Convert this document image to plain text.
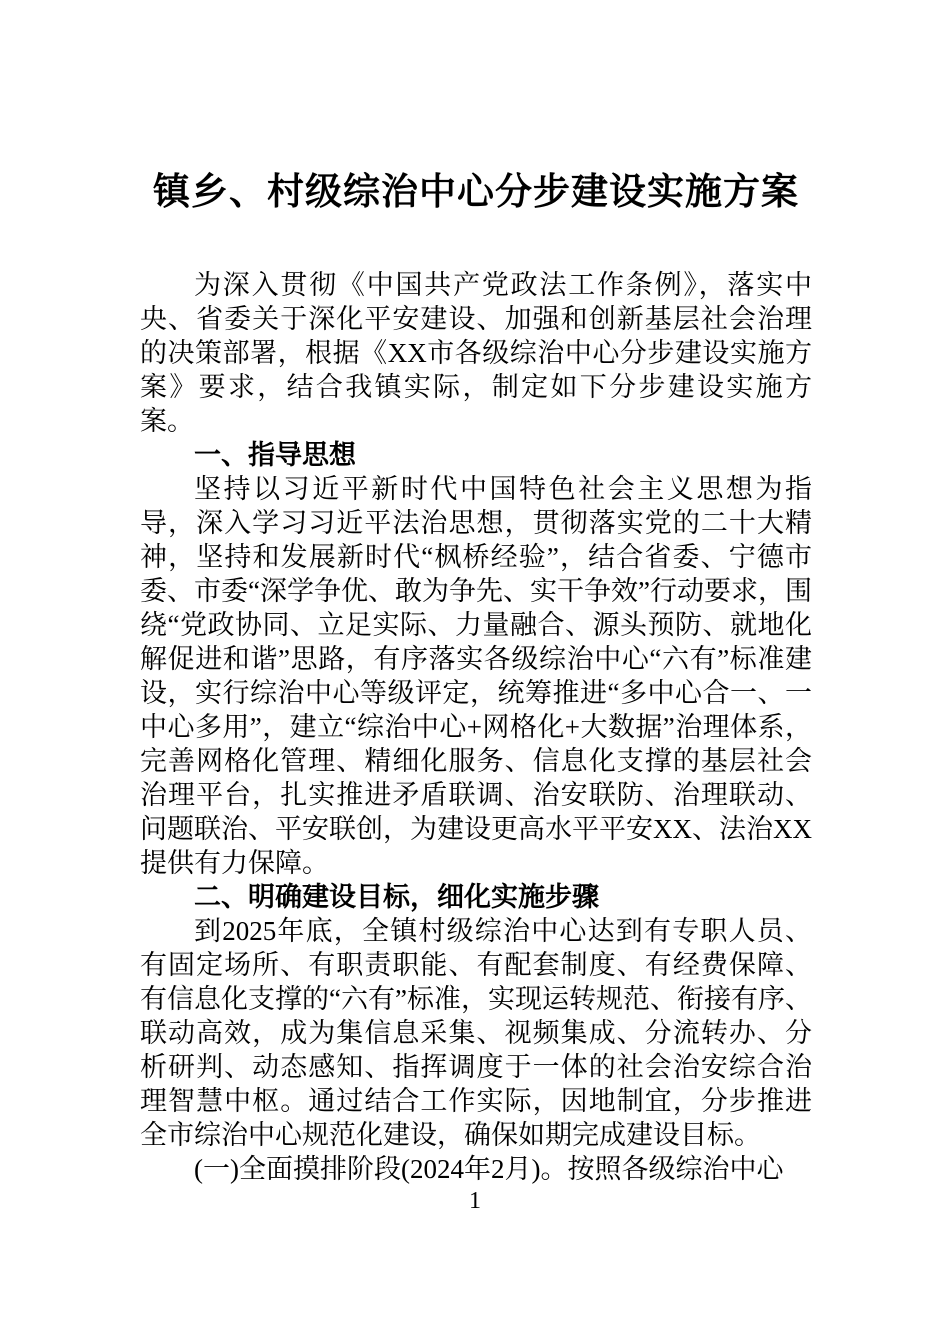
镇乡、村级综治中心分步建设实施方案

为深入贯彻《中国共产党政法工作条例》，落实中央、省委关于深化平安建设、加强和创新基层社会治理的决策部署，根据《XX市各级综治中心分步建设实施方案》要求，结合我镇实际，制定如下分步建设实施方案。

一、指导思想

坚持以习近平新时代中国特色社会主义思想为指导，深入学习习近平法治思想，贯彻落实党的二十大精神，坚持和发展新时代“枫桥经验”，结合省委、宁德市委、市委“深学争优、敢为争先、实干争效”行动要求，围绕“党政协同、立足实际、力量融合、源头预防、就地化解促进和谐”思路，有序落实各级综治中心“六有”标准建设，实行综治中心等级评定，统筹推进“多中心合一、一中心多用”，建立“综治中心+网格化+大数据”治理体系，完善网格化管理、精细化服务、信息化支撑的基层社会治理平台，扎实推进矛盾联调、治安联防、治理联动、问题联治、平安联创，为建设更高水平平安XX、法治XX提供有力保障。

二、明确建设目标，细化实施步骤

到2025年底，全镇村级综治中心达到有专职人员、有固定场所、有职责职能、有配套制度、有经费保障、有信息化支撑的“六有”标准，实现运转规范、衔接有序、联动高效，成为集信息采集、视频集成、分流转办、分析研判、动态感知、指挥调度于一体的社会治安综合治理智慧中枢。通过结合工作实际，因地制宜，分步推进全市综治中心规范化建设，确保如期完成建设目标。

(一)全面摸排阶段(2024年2月)。按照各级综治中心

1
